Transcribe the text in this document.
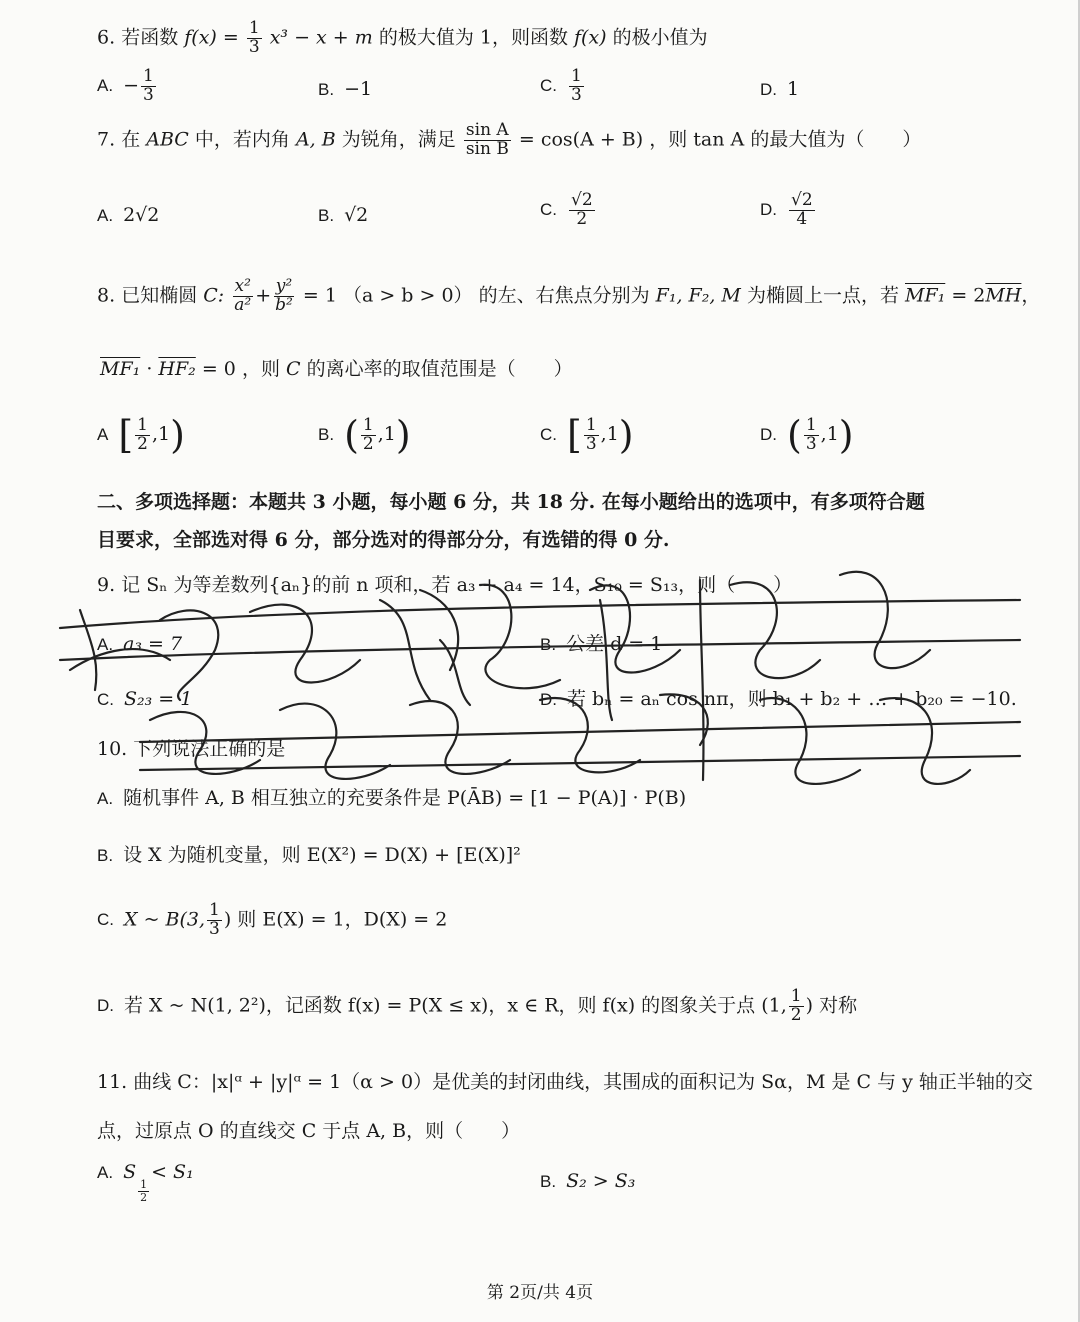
6. 若函数 $f(x) = \frac{1}{3} x^3 - x + m$ 的极大值为 1，则函数 f(x) 的极小值为
A. − $\frac{1}{3}$	B. −1	C. $\frac{1}{3}$	D. 1
7. 在 ABC 中，若内角 A, B 为锐角，满足 $\frac{\text{sin A}}{\text{sin B}} = \cos(A + B)$ ，则 tan A 的最大值为（　　）
A. 2√2	B. √2	C. $\frac{√2}{2}$	D. $\frac{√2}{4}$
8. 已知椭圆 C: $\frac{\text{x²}}{\text{a²}} + \frac{\text{y²}}{\text{b²}} = 1$ （a > b > 0） 的左、右焦点分别为 F₁, F₂, M 为椭圆上一点，若 $MF_1 = 2\overline{MH}$，
MF₁ · HF₂ = 0 ，则 C 的离心率的取值范围是（　　）
A [ $\frac{1}{2} ,1$)	B. ( $\frac{1}{2} ,1$)	C. [ $\frac{1}{3} ,1$)	D. ( $\frac{1}{3} ,1$)
二、多项选择题：本题共 3 小题，每小题 6 分，共 18 分. 在每小题给出的选项中，有多项符合题
目要求，全部选对得 6 分，部分选对的得部分分，有选错的得 0 分.
9. 记 Sₙ 为等差数列{aₙ}的前 n 项和，若 a₃ + a₄ = 14，S₁₀ = S₁₃，则（　　）
A. a₃ = 7	B. 公差 d = 1
C. S₂₃ = 1	D. 若 bₙ = aₙ cos nπ，则 b₁ + b₂ + … + b₂₀ = −10.
10. 下列说法正确的是
A. 随机事件 A, B 相互独立的充要条件是 P(ĀB) = [1 − P(A)] · P(B)
B. 设 X 为随机变量，则 E(X²) = D(X) + [E(X)]²
C. X ~ B(3, $\frac{1}{3}$ ) 则 E(X) = 1，D(X) = 2
D. 若 X ~ N(1, 2²)，记函数 f(x) = P(X ≤ x)，x ∈ R，则 f(x) 的图象关于点 (1, $\frac{1}{2}$ ) 对称
11. 曲线 C：|x|ᵅ + |y|ᵅ = 1（α > 0）是优美的封闭曲线，其围成的面积记为 Sα，M 是 C 与 y 轴正半轴的交
点，过原点 O 的直线交 C 于点 A, B，则（　　）
A. S
$\frac{1}{2}$
< S₁	B. S₂ > S₃
第 2页/共 4页
